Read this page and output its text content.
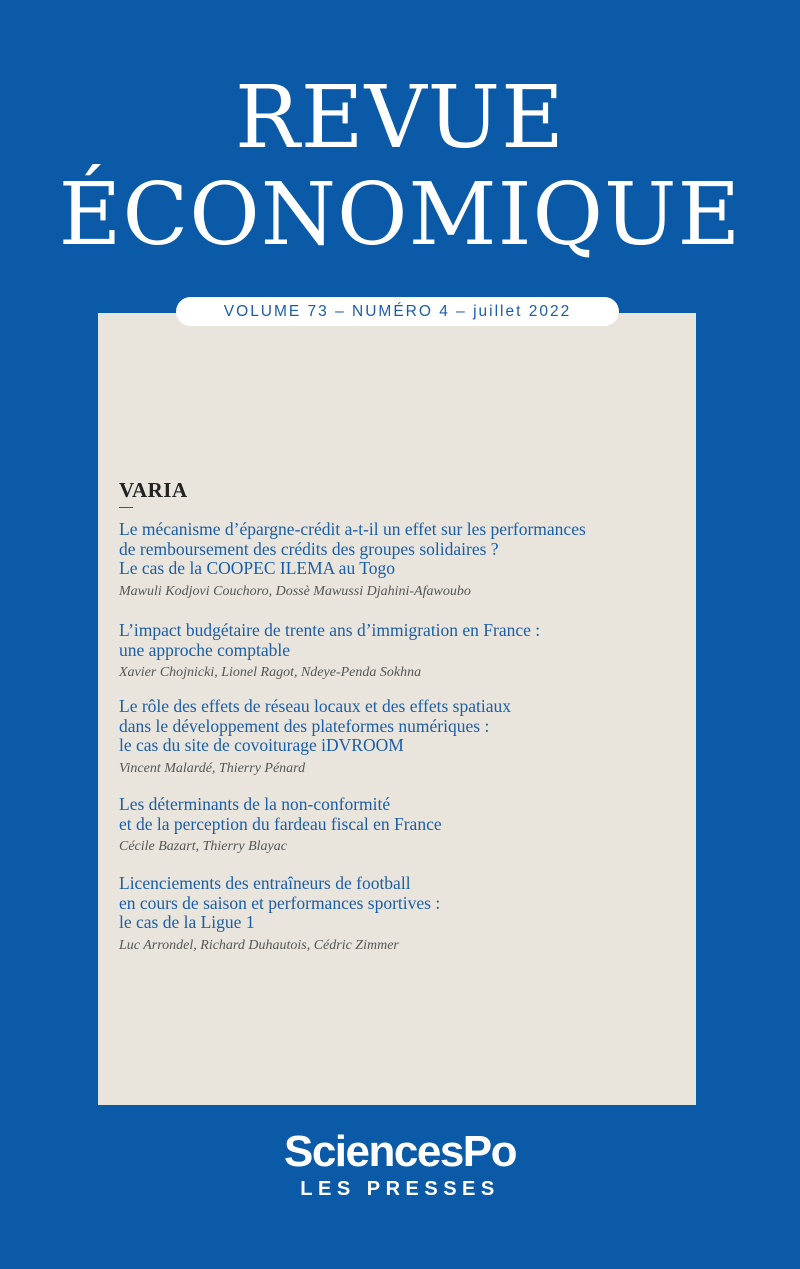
REVUE
ÉCONOMIQUE
VOLUME 73 – NUMÉRO 4 – juillet 2022
VARIA
Le mécanisme d’épargne-crédit a-t-il un effet sur les performances
de remboursement des crédits des groupes solidaires ?
Le cas de la COOPEC ILEMA au Togo
Mawuli Kodjovi Couchoro, Dossè Mawussi Djahini-Afawoubo
L’impact budgétaire de trente ans d’immigration en France :
une approche comptable
Xavier Chojnicki, Lionel Ragot, Ndeye-Penda Sokhna
Le rôle des effets de réseau locaux et des effets spatiaux
dans le développement des plateformes numériques :
le cas du site de covoiturage iDVROOM
Vincent Malardé, Thierry Pénard
Les déterminants de la non-conformité
et de la perception du fardeau fiscal en France
Cécile Bazart, Thierry Blayac
Licenciements des entraîneurs de football
en cours de saison et performances sportives :
le cas de la Ligue 1
Luc Arrondel, Richard Duhautois, Cédric Zimmer
SciencesPo
LES PRESSES
